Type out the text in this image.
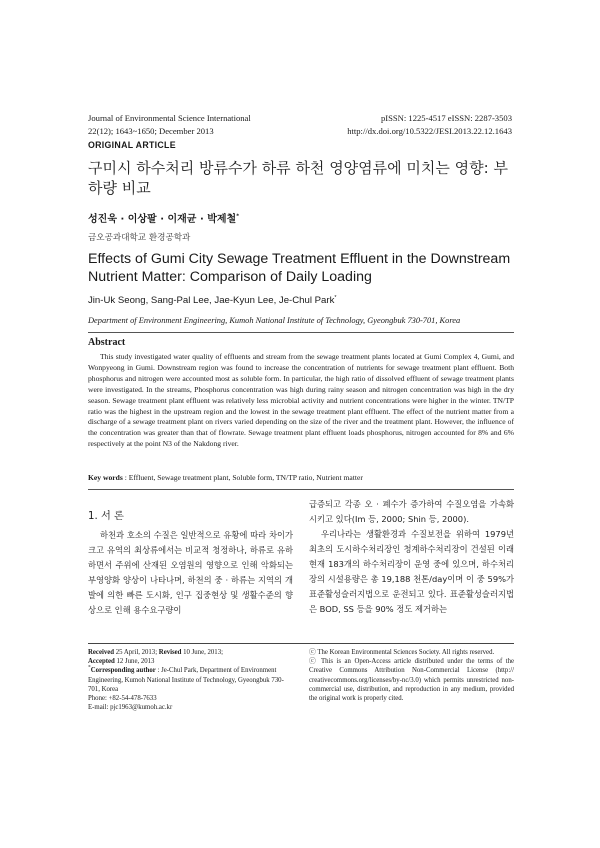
Journal of Environmental Science International
22(12); 1643~1650; December 2013
pISSN: 1225-4517 eISSN: 2287-3503
http://dx.doi.org/10.5322/JESI.2013.22.12.1643
ORIGINAL ARTICLE
구미시 하수처리 방류수가 하류 하천 영양염류에 미치는 영향: 부하량 비교
성진욱 · 이상팔 · 이재균 · 박제철*
금오공과대학교 환경공학과
Effects of Gumi City Sewage Treatment Effluent in the Downstream Nutrient Matter: Comparison of Daily Loading
Jin-Uk Seong, Sang-Pal Lee, Jae-Kyun Lee, Je-Chul Park*
Department of Environment Engineering, Kumoh National Institute of Technology, Gyeongbuk 730-701, Korea
Abstract
This study investigated water quality of effluents and stream from the sewage treatment plants located at Gumi Complex 4, Gumi, and Wonpyeong in Gumi. Downstream region was found to increase the concentration of nutrients for sewage treatment plant effluent. Both phosphorus and nitrogen were accounted most as soluble form. In particular, the high ratio of dissolved effluent of sewage treatment plants were investigated. In the streams, Phosphorus concentration was high during rainy season and nitrogen concentration was high in the dry season. Sewage treatment plant effluent was relatively less microbial activity and nutrient concentrations were higher in the winter. TN/TP ratio was the highest in the upstream region and the lowest in the sewage treatment plant effluent. The effect of the nutrient matter from a discharge of a sewage treatment plant on rivers varied depending on the size of the river and the treatment plant. However, the influence of the concentration was greater than that of flowrate. Sewage treatment plant effluent loads phosphorus, nitrogen accounted for 8% and 6% respectively at the point N3 of the Nakdong river.
Key words : Effluent, Sewage treatment plant, Soluble form, TN/TP ratio, Nutrient matter
1. 서 론

하천과 호소의 수질은 일반적으로 유황에 따라 차이가 크고 유역의 최상류에서는 비교적 청정하나, 하류로 유하하면서 주위에 산재된 오염원의 영향으로 인해 악화되는 부영양화 양상이 나타나며, 하천의 중 · 하류는 지역의 개발에 의한 빠른 도시화, 인구 집중현상 및 생활수준의 향상으로 인해 용수요구량이

급증되고 각종 오 · 폐수가 증가하여 수질오염을 가속화시키고 있다(Im 등, 2000; Shin 등, 2000).

우리나라는 생활환경과 수질보전을 위하여 1979년 최초의 도시하수처리장인 청계하수처리장이 건설된 이래 현재 183개의 하수처리장이 운영 중에 있으며, 하수처리장의 시설용량은 총 19,188 천톤/day이며 이 중 59%가 표준활성슬러지법으로 운전되고 있다. 표준활성슬러지법은 BOD, SS 등을 90% 정도 제거하는

Received 25 April, 2013; Revised 10 June, 2013;
Accepted 12 June, 2013
*Corresponding author : Je-Chul Park, Department of Environment Engineering, Kumoh National Institute of Technology, Gyeongbuk 730-701, Korea
Phone: +82-54-478-7633
E-mail: pjc1963@kumoh.ac.kr

ⓒ The Korean Environmental Sciences Society. All rights reserved.

ⓒ This is an Open-Access article distributed under the terms of the Creative Commons Attribution Non-Commercial License (http:// creativecommons.org/licenses/by-nc/3.0) which permits unrestricted non-commercial use, distribution, and reproduction in any medium, provided the original work is properly cited.
